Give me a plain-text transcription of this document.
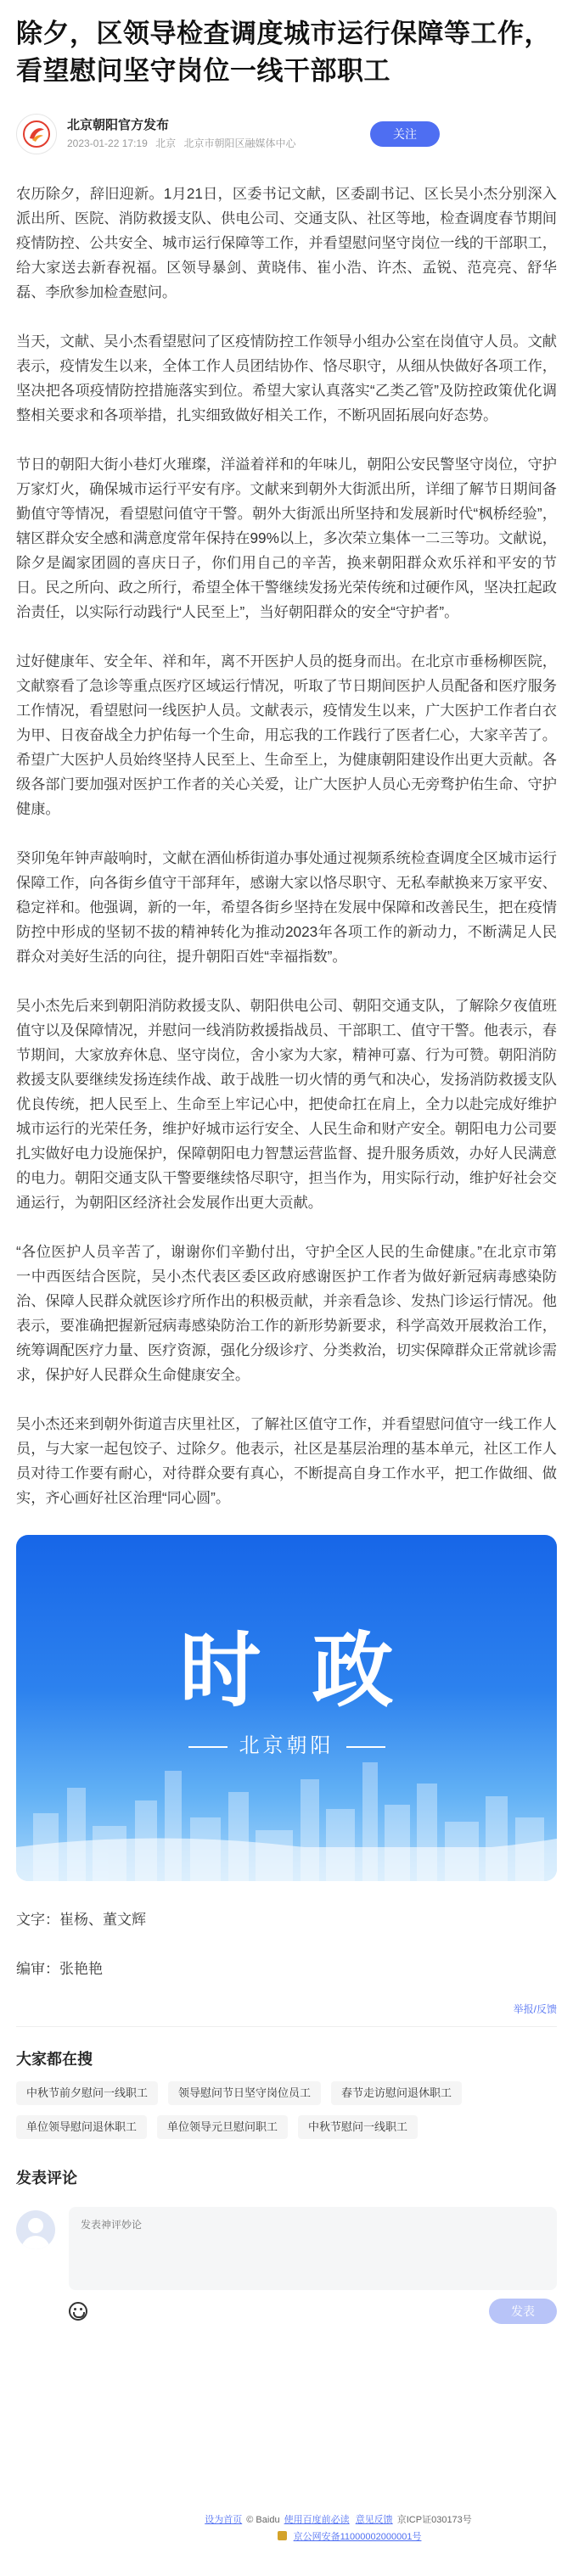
除夕，区领导检查调度城市运行保障等工作，看望慰问坚守岗位一线干部职工
北京朝阳官方发布
2023-01-22 17:19 北京 北京市朝阳区融媒体中心
关注

农历除夕，辞旧迎新。1月21日，区委书记文献，区委副书记、区长吴小杰分别深入派出所、医院、消防救援支队、供电公司、交通支队、社区等地，检查调度春节期间疫情防控、公共安全、城市运行保障等工作，并看望慰问坚守岗位一线的干部职工，给大家送去新春祝福。区领导暴剑、黄晓伟、崔小浩、许杰、孟锐、范亮亮、舒华磊、李欣参加检查慰问。

当天，文献、吴小杰看望慰问了区疫情防控工作领导小组办公室在岗值守人员。文献表示，疫情发生以来，全体工作人员团结协作、恪尽职守，从细从快做好各项工作，坚决把各项疫情防控措施落实到位。希望大家认真落实“乙类乙管”及防控政策优化调整相关要求和各项举措，扎实细致做好相关工作，不断巩固拓展向好态势。

节日的朝阳大街小巷灯火璀璨，洋溢着祥和的年味儿，朝阳公安民警坚守岗位，守护万家灯火，确保城市运行平安有序。文献来到朝外大街派出所，详细了解节日期间备勤值守等情况，看望慰问值守干警。朝外大街派出所坚持和发展新时代“枫桥经验”，辖区群众安全感和满意度常年保持在99%以上，多次荣立集体一二三等功。文献说，除夕是阖家团圆的喜庆日子，你们用自己的辛苦，换来朝阳群众欢乐祥和平安的节日。民之所向、政之所行，希望全体干警继续发扬光荣传统和过硬作风，坚决扛起政治责任，以实际行动践行“人民至上”，当好朝阳群众的安全“守护者”。

过好健康年、安全年、祥和年，离不开医护人员的挺身而出。在北京市垂杨柳医院，文献察看了急诊等重点医疗区域运行情况，听取了节日期间医护人员配备和医疗服务工作情况，看望慰问一线医护人员。文献表示，疫情发生以来，广大医护工作者白衣为甲、日夜奋战全力护佑每一个生命，用忘我的工作践行了医者仁心，大家辛苦了。希望广大医护人员始终坚持人民至上、生命至上，为健康朝阳建设作出更大贡献。各级各部门要加强对医护工作者的关心关爱，让广大医护人员心无旁骛护佑生命、守护健康。

癸卯兔年钟声敲响时，文献在酒仙桥街道办事处通过视频系统检查调度全区城市运行保障工作，向各街乡值守干部拜年，感谢大家以恪尽职守、无私奉献换来万家平安、稳定祥和。他强调，新的一年，希望各街乡坚持在发展中保障和改善民生，把在疫情防控中形成的坚韧不拔的精神转化为推动2023年各项工作的新动力，不断满足人民群众对美好生活的向往，提升朝阳百姓“幸福指数”。

吴小杰先后来到朝阳消防救援支队、朝阳供电公司、朝阳交通支队，了解除夕夜值班值守以及保障情况，并慰问一线消防救援指战员、干部职工、值守干警。他表示，春节期间，大家放弃休息、坚守岗位，舍小家为大家，精神可嘉、行为可赞。朝阳消防救援支队要继续发扬连续作战、敢于战胜一切火情的勇气和决心，发扬消防救援支队优良传统，把人民至上、生命至上牢记心中，把使命扛在肩上，全力以赴完成好维护城市运行的光荣任务，维护好城市运行安全、人民生命和财产安全。朝阳电力公司要扎实做好电力设施保护，保障朝阳电力智慧运营监督、提升服务质效，办好人民满意的电力。朝阳交通支队干警要继续恪尽职守，担当作为，用实际行动，维护好社会交通运行，为朝阳区经济社会发展作出更大贡献。

“各位医护人员辛苦了，谢谢你们辛勤付出，守护全区人民的生命健康。”在北京市第一中西医结合医院，吴小杰代表区委区政府感谢医护工作者为做好新冠病毒感染防治、保障人民群众就医诊疗所作出的积极贡献，并亲看急诊、发热门诊运行情况。他表示，要准确把握新冠病毒感染防治工作的新形势新要求，科学高效开展救治工作，统筹调配医疗力量、医疗资源，强化分级诊疗、分类救治，切实保障群众正常就诊需求，保护好人民群众生命健康安全。

吴小杰还来到朝外街道吉庆里社区，了解社区值守工作，并看望慰问值守一线工作人员，与大家一起包饺子、过除夕。他表示，社区是基层治理的基本单元，社区工作人员对待工作要有耐心，对待群众要有真心，不断提高自身工作水平，把工作做细、做实，齐心画好社区治理“同心圆”。

时政
北京朝阳

文字：崔杨、董文辉

编审：张艳艳

举报/反馈
大家都在搜
中秋节前夕慰问一线职工	领导慰问节日坚守岗位员工	春节走访慰问退休职工
单位领导慰问退休职工	单位领导元旦慰问职工	中秋节慰问一线职工
发表评论
发表神评妙论
发表
设为首页 © Baidu 使用百度前必读 意见反馈 京ICP证030173号
京公网安备11000002000001号
